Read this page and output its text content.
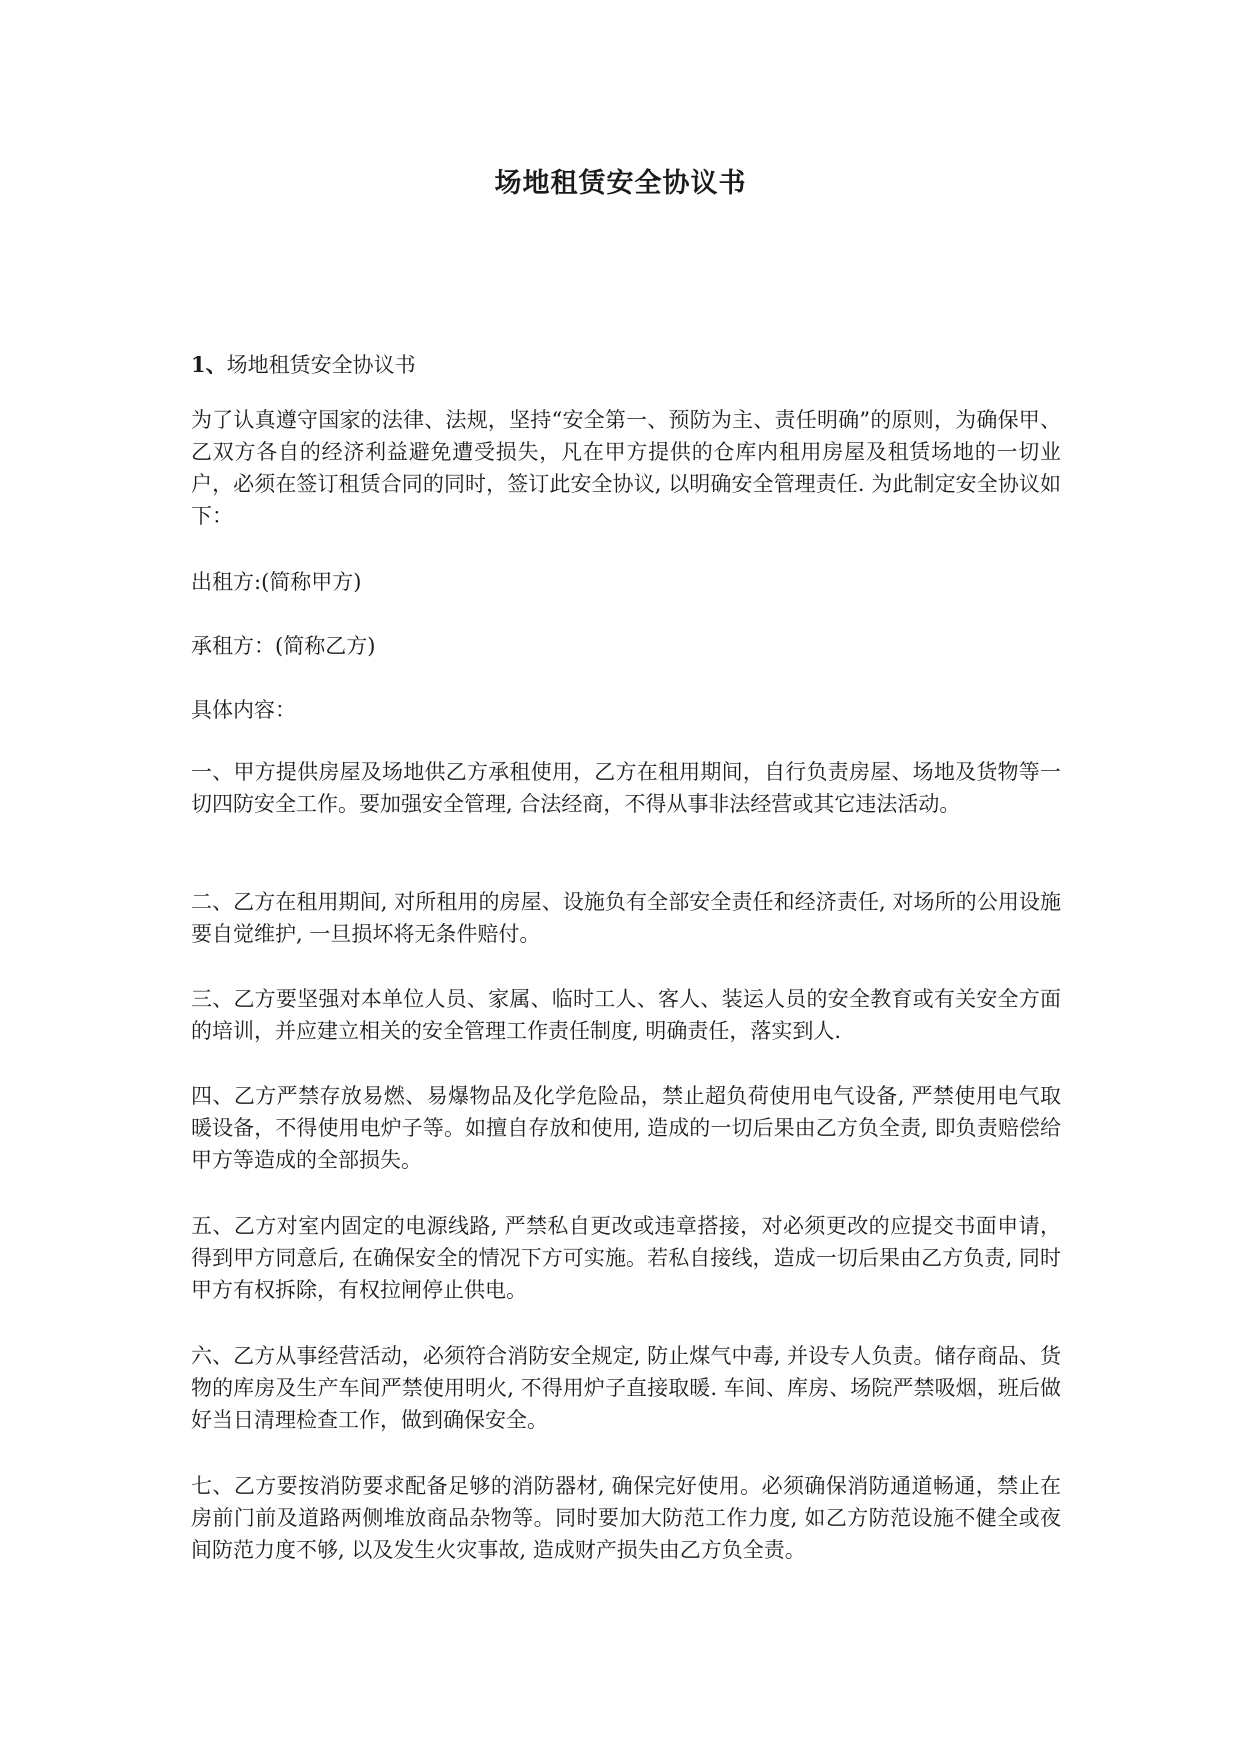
场地租赁安全协议书
1、场地租赁安全协议书
为了认真遵守国家的法律、法规，坚持“安全第一、预防为主、责任明确”的原则，为确保甲、乙双方各自的经济利益避免遭受损失，凡在甲方提供的仓库内租用房屋及租赁场地的一切业户，必须在签订租赁合同的同时，签订此安全协议, 以明确安全管理责任. 为此制定安全协议如下：
出租方:(简称甲方)
承租方：(简称乙方)
具体内容：
一、甲方提供房屋及场地供乙方承租使用，乙方在租用期间，自行负责房屋、场地及货物等一切四防安全工作。要加强安全管理, 合法经商，不得从事非法经营或其它违法活动。
二、乙方在租用期间, 对所租用的房屋、设施负有全部安全责任和经济责任, 对场所的公用设施要自觉维护, 一旦损坏将无条件赔付。
三、乙方要坚强对本单位人员、家属、临时工人、客人、装运人员的安全教育或有关安全方面的培训，并应建立相关的安全管理工作责任制度, 明确责任，落实到人.
四、乙方严禁存放易燃、易爆物品及化学危险品，禁止超负荷使用电气设备, 严禁使用电气取暖设备，不得使用电炉子等。如擅自存放和使用, 造成的一切后果由乙方负全责, 即负责赔偿给甲方等造成的全部损失。
五、乙方对室内固定的电源线路, 严禁私自更改或违章搭接，对必须更改的应提交书面申请，得到甲方同意后, 在确保安全的情况下方可实施。若私自接线，造成一切后果由乙方负责, 同时甲方有权拆除，有权拉闸停止供电。
六、乙方从事经营活动，必须符合消防安全规定, 防止煤气中毒, 并设专人负责。储存商品、货物的库房及生产车间严禁使用明火, 不得用炉子直接取暖. 车间、库房、场院严禁吸烟，班后做好当日清理检查工作，做到确保安全。
七、乙方要按消防要求配备足够的消防器材, 确保完好使用。必须确保消防通道畅通，禁止在房前门前及道路两侧堆放商品杂物等。同时要加大防范工作力度, 如乙方防范设施不健全或夜间防范力度不够, 以及发生火灾事故, 造成财产损失由乙方负全责。
